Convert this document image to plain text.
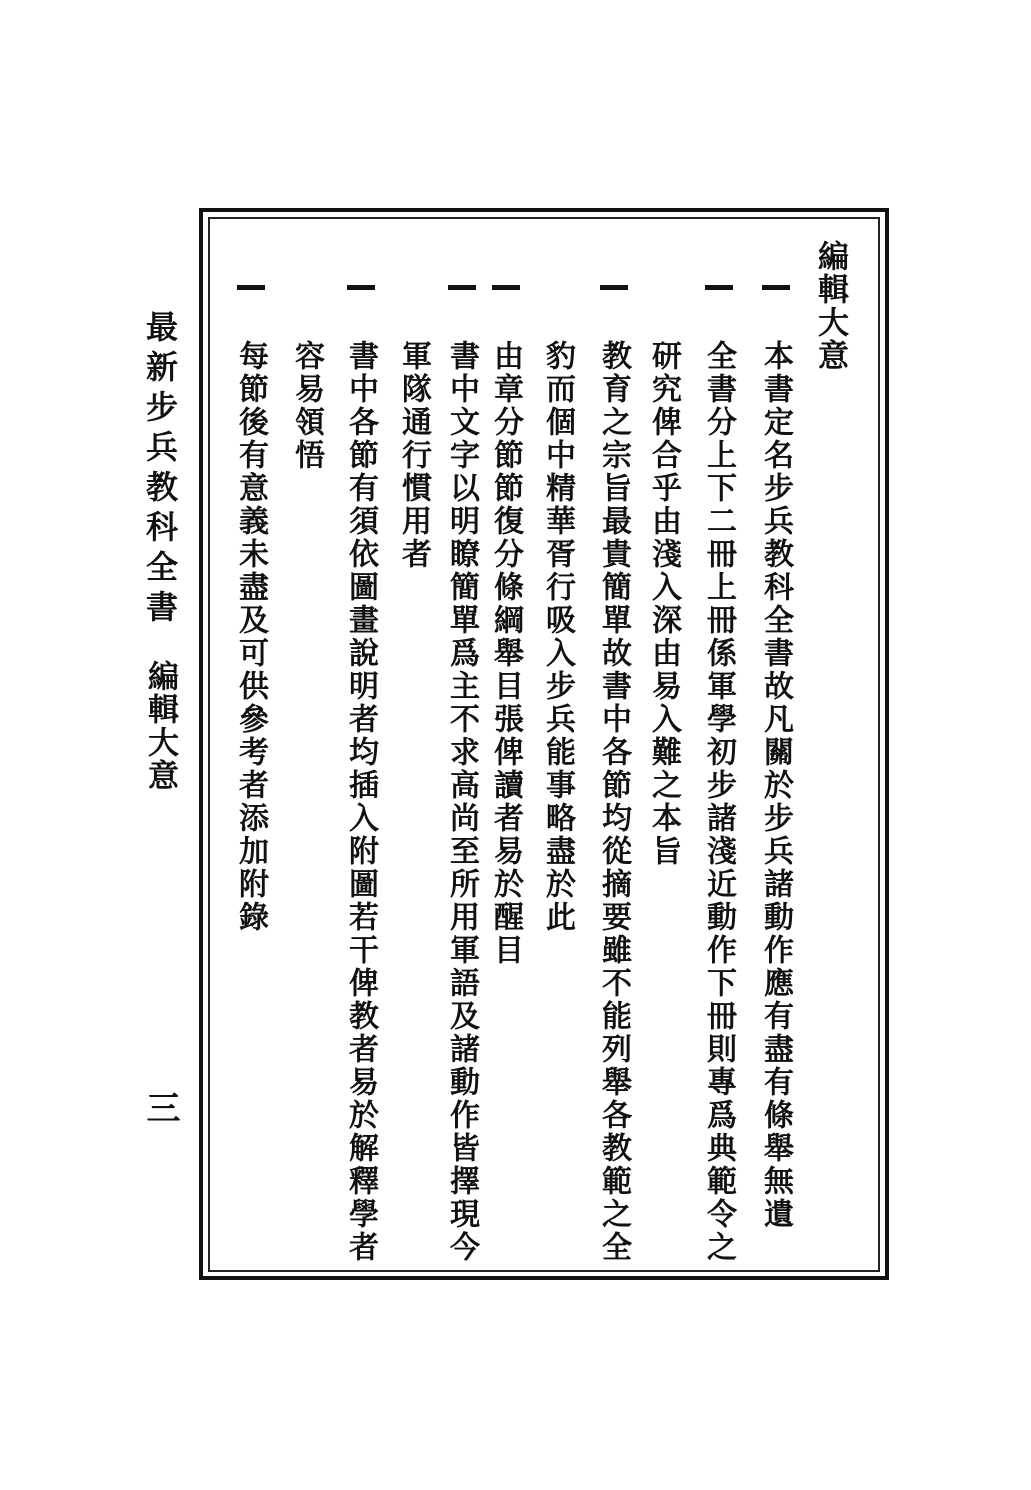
最新步兵教科全書
編輯大意
三
編輯大意
本書定名步兵教科全書故凡關於步兵諸動作應有盡有條舉無遺
全書分上下二冊上冊係軍學初步諸淺近動作下冊則專爲典範令之
研究俾合乎由淺入深由易入難之本旨
教育之宗旨最貴簡單故書中各節均從摘要雖不能列舉各教範之全
豹而個中精華胥行吸入步兵能事略盡於此
由章分節節復分條綱舉目張俾讀者易於醒目
書中文字以明瞭簡單爲主不求高尚至所用軍語及諸動作皆擇現今
軍隊通行慣用者
書中各節有須依圖畫說明者均插入附圖若干俾教者易於解釋學者
容易領悟
每節後有意義未盡及可供參考者添加附錄
